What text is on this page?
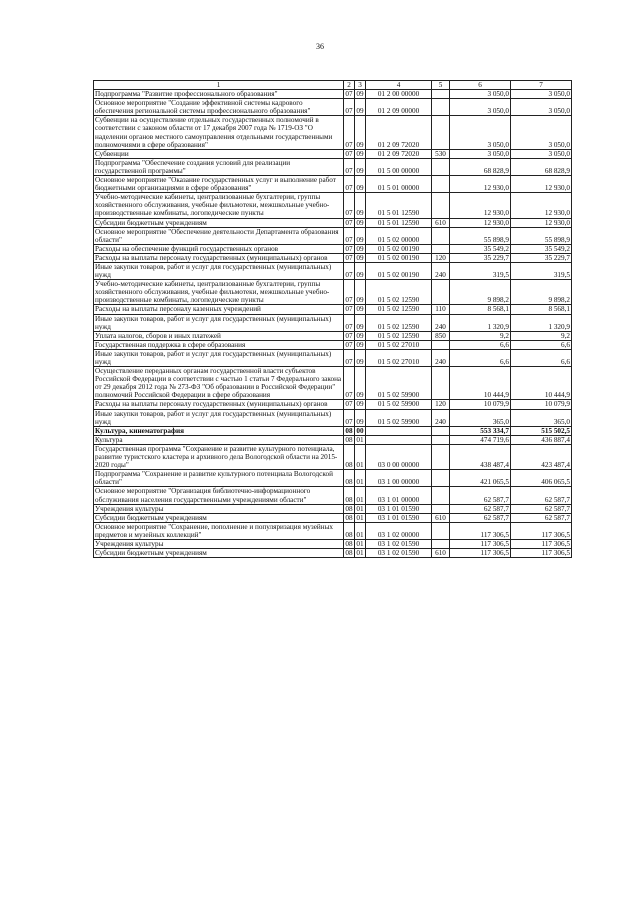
36
1	2	3	4	5	6	7
Подпрограмма "Развитие профессионального образования"	07	09	01 2 00 00000		3 050,0	3 050,0
Основное мероприятие "Создание эффективной системы кадрового обеспечения региональной системы профессионального образования"	07	09	01 2 09 00000		3 050,0	3 050,0
Субвенции на осуществление отдельных государственных полномочий в соответствии с законом области от 17 декабря 2007 года № 1719-ОЗ "О наделении органов местного самоуправления отдельными государственными полномочиями в сфере образования"	07	09	01 2 09 72020		3 050,0	3 050,0
Субвенции	07	09	01 2 09 72020	530	3 050,0	3 050,0
Подпрограмма "Обеспечение создания условий для реализации государственной программы"	07	09	01 5 00 00000		68 828,9	68 828,9
Основное мероприятие "Оказание государственных услуг и выполнение работ бюджетными организациями в сфере образования"	07	09	01 5 01 00000		12 930,0	12 930,0
Учебно-методические кабинеты, централизованные бухгалтерии, группы хозяйственного обслуживания, учебные фильмотеки, межшкольные учебно-производственные комбинаты, логопедические пункты	07	09	01 5 01 12590		12 930,0	12 930,0
Субсидии бюджетным учреждениям	07	09	01 5 01 12590	610	12 930,0	12 930,0
Основное мероприятие "Обеспечение деятельности Департамента образования области"	07	09	01 5 02 00000		55 898,9	55 898,9
Расходы на обеспечение функций государственных органов	07	09	01 5 02 00190		35 549,2	35 549,2
Расходы на выплаты персоналу государственных (муниципальных) органов	07	09	01 5 02 00190	120	35 229,7	35 229,7
Иные закупки товаров, работ и услуг для государственных (муниципальных) нужд	07	09	01 5 02 00190	240	319,5	319,5
Учебно-методические кабинеты, централизованные бухгалтерии, группы хозяйственного обслуживания, учебные фильмотеки, межшкольные учебно-производственные комбинаты, логопедические пункты	07	09	01 5 02 12590		9 898,2	9 898,2
Расходы на выплаты персоналу казенных учреждений	07	09	01 5 02 12590	110	8 568,1	8 568,1
Иные закупки товаров, работ и услуг для государственных (муниципальных) нужд	07	09	01 5 02 12590	240	1 320,9	1 320,9
Уплата налогов, сборов и иных платежей	07	09	01 5 02 12590	850	9,2	9,2
Государственная поддержка в сфере образования	07	09	01 5 02 27010		6,6	6,6
Иные закупки товаров, работ и услуг для государственных (муниципальных) нужд	07	09	01 5 02 27010	240	6,6	6,6
Осуществление переданных органам государственной власти субъектов Российской Федерации в соответствии с частью 1 статьи 7 Федерального закона от 29 декабря 2012 года № 273-ФЗ "Об образовании в Российской Федерации" полномочий Российской Федерации в сфере образования	07	09	01 5 02 59900		10 444,9	10 444,9
Расходы на выплаты персоналу государственных (муниципальных) органов	07	09	01 5 02 59900	120	10 079,9	10 079,9
Иные закупки товаров, работ и услуг для государственных (муниципальных) нужд	07	09	01 5 02 59900	240	365,0	365,0
Культура, кинематография	08	00			553 334,7	515 502,5
Культура	08	01			474 719,6	436 887,4
Государственная программа "Сохранение и развитие культурного потенциала, развитие туристского кластера и архивного дела Вологодской области на 2015-2020 годы"	08	01	03 0 00 00000		438 487,4	423 487,4
Подпрограмма "Сохранение и развитие культурного потенциала Вологодской области"	08	01	03 1 00 00000		421 065,5	406 065,5
Основное мероприятие "Организация библиотечно-информационного обслуживания населения государственными учреждениями области"	08	01	03 1 01 00000		62 587,7	62 587,7
Учреждения культуры	08	01	03 1 01 01590		62 587,7	62 587,7
Субсидии бюджетным учреждениям	08	01	03 1 01 01590	610	62 587,7	62 587,7
Основное мероприятие "Сохранение, пополнение и популяризация музейных предметов и музейных коллекций"	08	01	03 1 02 00000		117 306,5	117 306,5
Учреждения культуры	08	01	03 1 02 01590		117 306,5	117 306,5
Субсидии бюджетным учреждениям	08	01	03 1 02 01590	610	117 306,5	117 306,5
